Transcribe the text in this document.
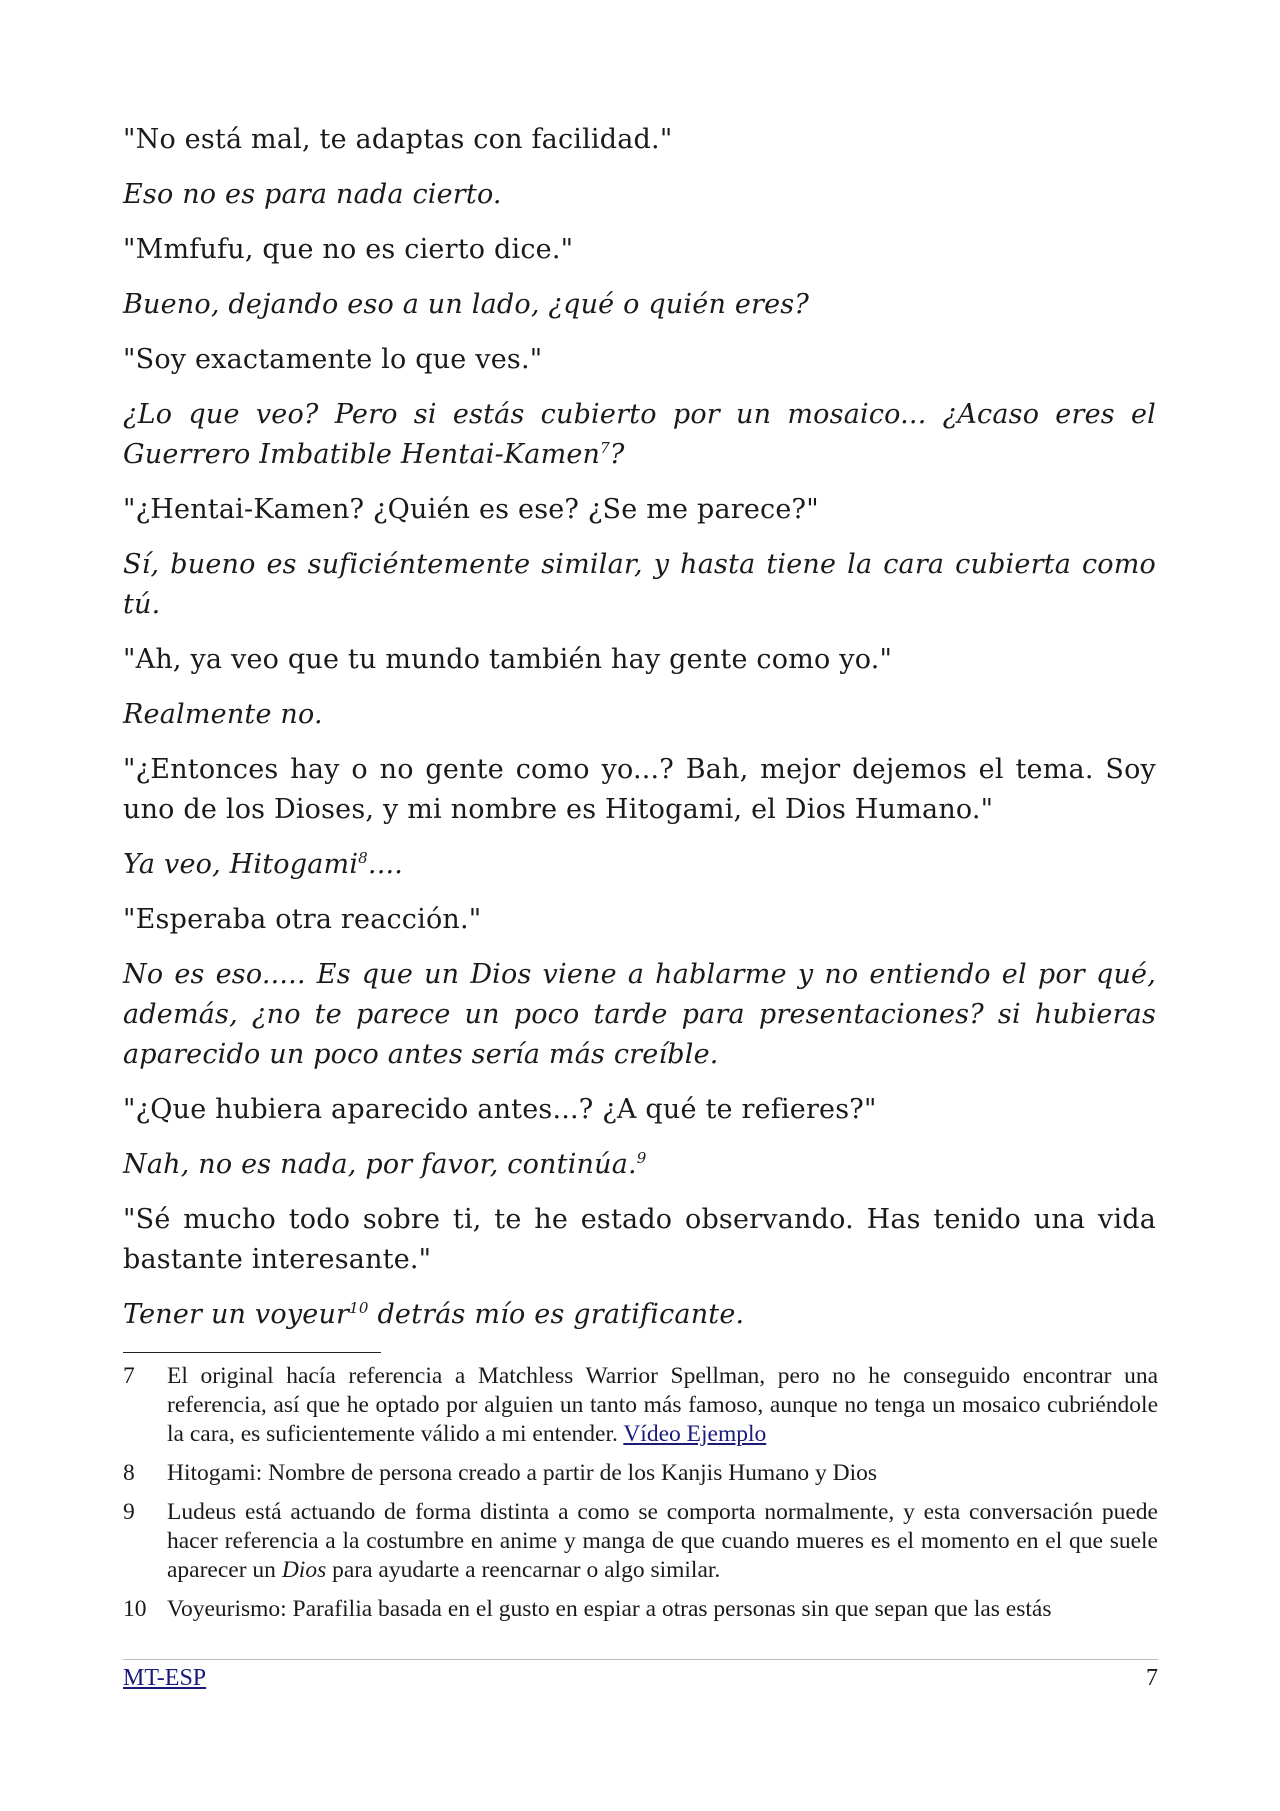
"No está mal, te adaptas con facilidad."

Eso no es para nada cierto.

"Mmfufu, que no es cierto dice."

Bueno, dejando eso a un lado, ¿qué o quién eres?

"Soy exactamente lo que ves."

¿Lo que veo? Pero si estás cubierto por un mosaico... ¿Acaso eres el Guerrero Imbatible Hentai-Kamen$^7$?

"¿Hentai-Kamen? ¿Quién es ese? ¿Se me parece?"

Sí, bueno es suficiéntemente similar, y hasta tiene la cara cubierta como tú.

"Ah, ya veo que tu mundo también hay gente como yo."

Realmente no.

"¿Entonces hay o no gente como yo...? Bah, mejor dejemos el tema. Soy uno de los Dioses, y mi nombre es Hitogami, el Dios Humano."

Ya veo, Hitogami$^8$....

"Esperaba otra reacción."

No es eso..... Es que un Dios viene a hablarme y no entiendo el por qué, además, ¿no te parece un poco tarde para presentaciones? si hubieras aparecido un poco antes sería más creíble.

"¿Que hubiera aparecido antes...? ¿A qué te refieres?"

Nah, no es nada, por favor, continúa.$^9$

"Sé mucho todo sobre ti, te he estado observando. Has tenido una vida bastante interesante."

Tener un voyeur$^{10}$ detrás mío es gratificante.

7	El original hacía referencia a Matchless Warrior Spellman, pero no he conseguido encontrar una referencia, así que he optado por alguien un tanto más famoso, aunque no tenga un mosaico cubriéndole la cara, es suficientemente válido a mi entender. Vídeo Ejemplo
8	Hitogami: Nombre de persona creado a partir de los Kanjis Humano y Dios
9	Ludeus está actuando de forma distinta a como se comporta normalmente, y esta conversación puede hacer referencia a la costumbre en anime y manga de que cuando mueres es el momento en el que suele aparecer un Dios para ayudarte a reencarnar o algo similar.
10 Voyeurismo: Parafilia basada en el gusto en espiar a otras personas sin que sepan que las estás
MT-ESP	7
